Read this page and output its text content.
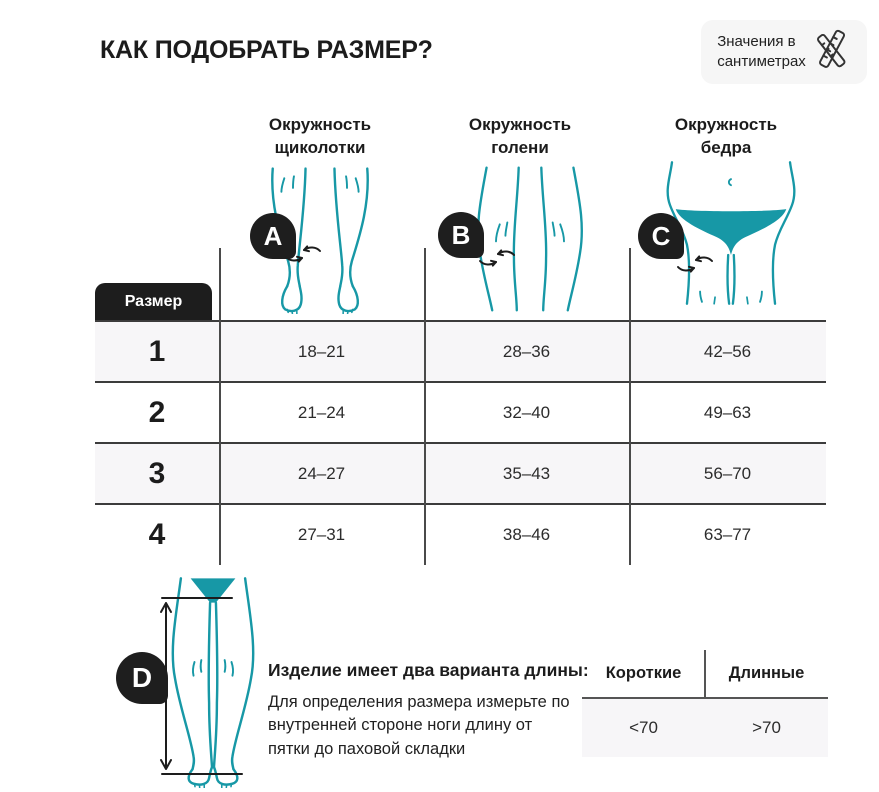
КАК ПОДОБРАТЬ РАЗМЕР?	Значения в
сантиметрах
Окружность
щиколотки
Окружность
голени
Окружность
бедра
A	B	C
Размер
1	18–21	28–36	42–56
2	21–24	32–40	49–63
3	24–27	35–43	56–70
4	27–31	38–46	63–77
D	Изделие имеет два варианта длины:
Для определения размера измерьте по внутренней стороне ноги длину от пятки до паховой складки
Короткие	Длинные
<70	>70
